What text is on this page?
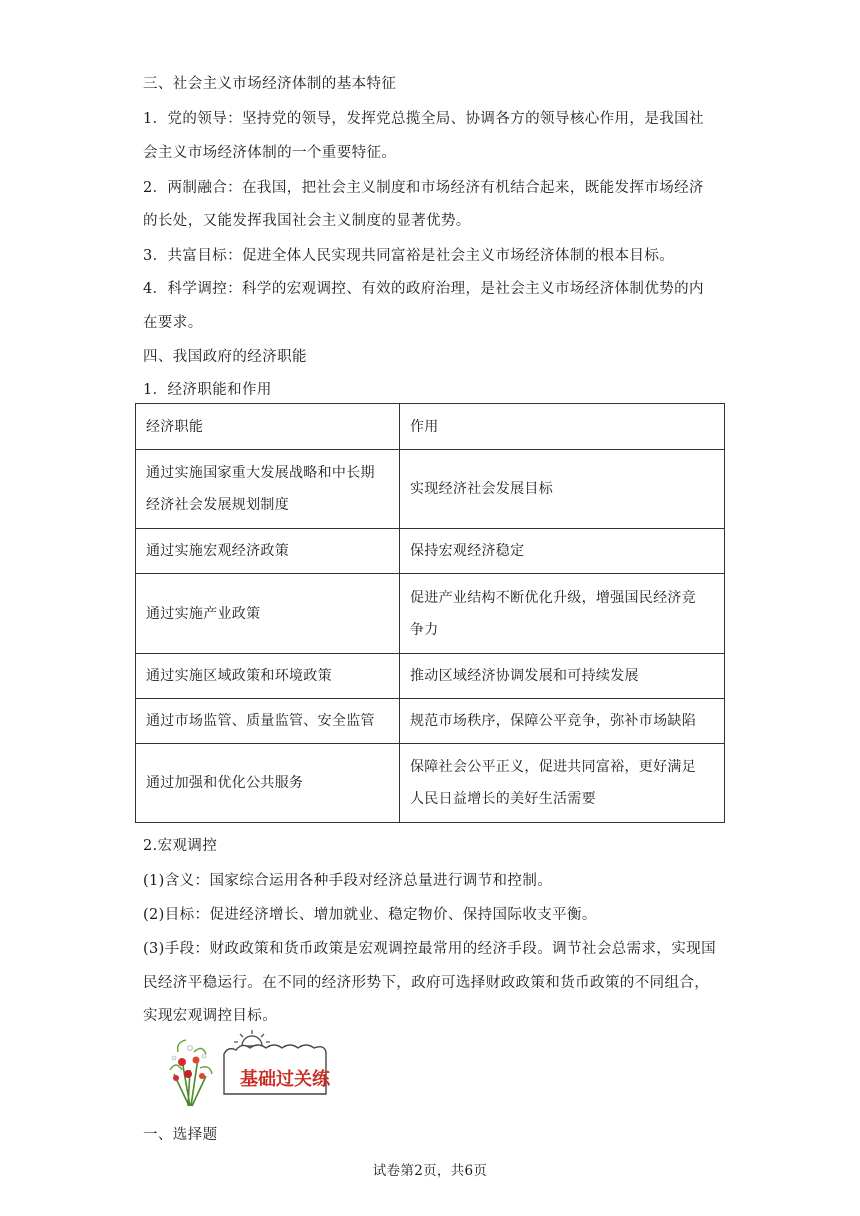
三、社会主义市场经济体制的基本特征
1．党的领导：坚持党的领导，发挥党总揽全局、协调各方的领导核心作用，是我国社
会主义市场经济体制的一个重要特征。
2．两制融合：在我国，把社会主义制度和市场经济有机结合起来，既能发挥市场经济
的长处，又能发挥我国社会主义制度的显著优势。
3．共富目标：促进全体人民实现共同富裕是社会主义市场经济体制的根本目标。
4．科学调控：科学的宏观调控、有效的政府治理，是社会主义市场经济体制优势的内
在要求。
四、我国政府的经济职能
1．经济职能和作用
经济职能	作用

通过实施国家重大发展战略和中长期
经济社会发展规划制度	实现经济社会发展目标

通过实施宏观经济政策	保持宏观经济稳定

通过实施产业政策	促进产业结构不断优化升级，增强国民经济竞
争力

通过实施区域政策和环境政策	推动区域经济协调发展和可持续发展

通过市场监管、质量监管、安全监管	规范市场秩序，保障公平竞争，弥补市场缺陷

通过加强和优化公共服务	保障社会公平正义，促进共同富裕，更好满足
人民日益增长的美好生活需要
2.宏观调控
(1)含义：国家综合运用各种手段对经济总量进行调节和控制。
(2)目标：促进经济增长、增加就业、稳定物价、保持国际收支平衡。
(3)手段：财政政策和货币政策是宏观调控最常用的经济手段。调节社会总需求，实现国
民经济平稳运行。在不同的经济形势下，政府可选择财政政策和货币政策的不同组合，
实现宏观调控目标。
基础过关练
一、选择题
试卷第2页，共6页
